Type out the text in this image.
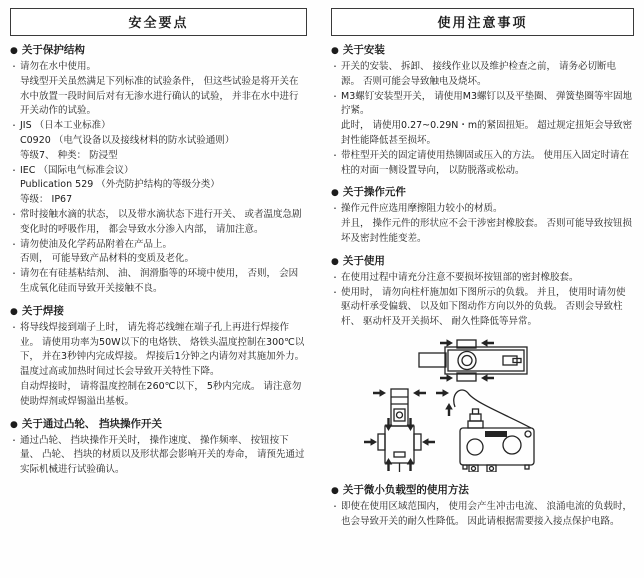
安全要点
● 关于保护结构
・ 请勿在水中使用。
导线型开关虽然满足下列标准的试验条件， 但这些试验是将开关在水中放置一段时间后对有无渗水进行确认的试验， 并非在水中进行开关动作的试验。
・ JIS （日本工业标准）
C0920 （电气设备以及接线材料的防水试验通则）
等级7、 种类： 防浸型
・ IEC （国际电气标准会议）
Publication 529 （外壳防护结构的等级分类）
等级： IP67
・ 常时接触水滴的状态， 以及带水滴状态下进行开关、 或者温度急剧变化时的呼吸作用， 都会导致水分渗入内部， 请加注意。
・ 请勿使油及化学药品附着在产品上。
否则， 可能导致产品材料的变质及老化。
・ 请勿在有硅基粘结剂、 油、 润滑脂等的环境中使用， 否则， 会因生成氧化硅而导致开关接触不良。
● 关于焊接
・ 将导线焊接到端子上时， 请先将芯线缠在端子孔上再进行焊接作业。 请使用功率为50W以下的电烙铁、 烙铁头温度控制在300℃以下， 并在3秒钟内完成焊接。 焊接后1分钟之内请勿对其施加外力。
温度过高或加热时间过长会导致开关特性下降。
自动焊接时， 请将温度控制在260℃以下， 5秒内完成。 请注意勿使助焊剂或焊锡溢出基板。
● 关于通过凸轮、 挡块操作开关
・ 通过凸轮、 挡块操作开关时， 操作速度、 操作频率、 按钮按下量、 凸轮、 挡块的材质以及形状都会影响开关的寿命， 请预先通过实际机械进行试验确认。
使用注意事项
● 关于安装
・ 开关的安装、 拆卸、 接线作业以及维护检查之前， 请务必切断电源。 否则可能会导致触电及烧坏。
・ M3螺钉安装型开关， 请使用M3螺钉以及平垫圈、 弹簧垫圈等牢固地拧紧。
此时， 请使用0.27~0.29N・m的紧固扭矩。 超过规定扭矩会导致密封性能降低甚至损坏。
・ 带柱型开关的固定请使用热铆固或压入的方法。 使用压入固定时请在柱的对面一侧设置导向， 以防脱落或松动。
● 关于操作元件
・ 操作元件应选用摩擦阻力较小的材质。
并且， 操作元件的形状应不会干涉密封橡胶套。 否则可能导致按钮损坏及密封性能变差。
● 关于使用
・ 在使用过程中请充分注意不要损坏按钮部的密封橡胶套。
・ 使用时， 请勿向柱杆施加如下图所示的负载。 并且， 使用时请勿使驱动杆承受偏载、 以及如下图动作方向以外的负载。 否则会导致柱杆、 驱动杆及开关损坏、 耐久性降低等异常。
● 关于微小负载型的使用方法
・ 即使在使用区域范围内， 使用会产生冲击电流、 浪涌电流的负载时， 也会导致开关的耐久性降低。 因此请根据需要接入接点保护电路。
